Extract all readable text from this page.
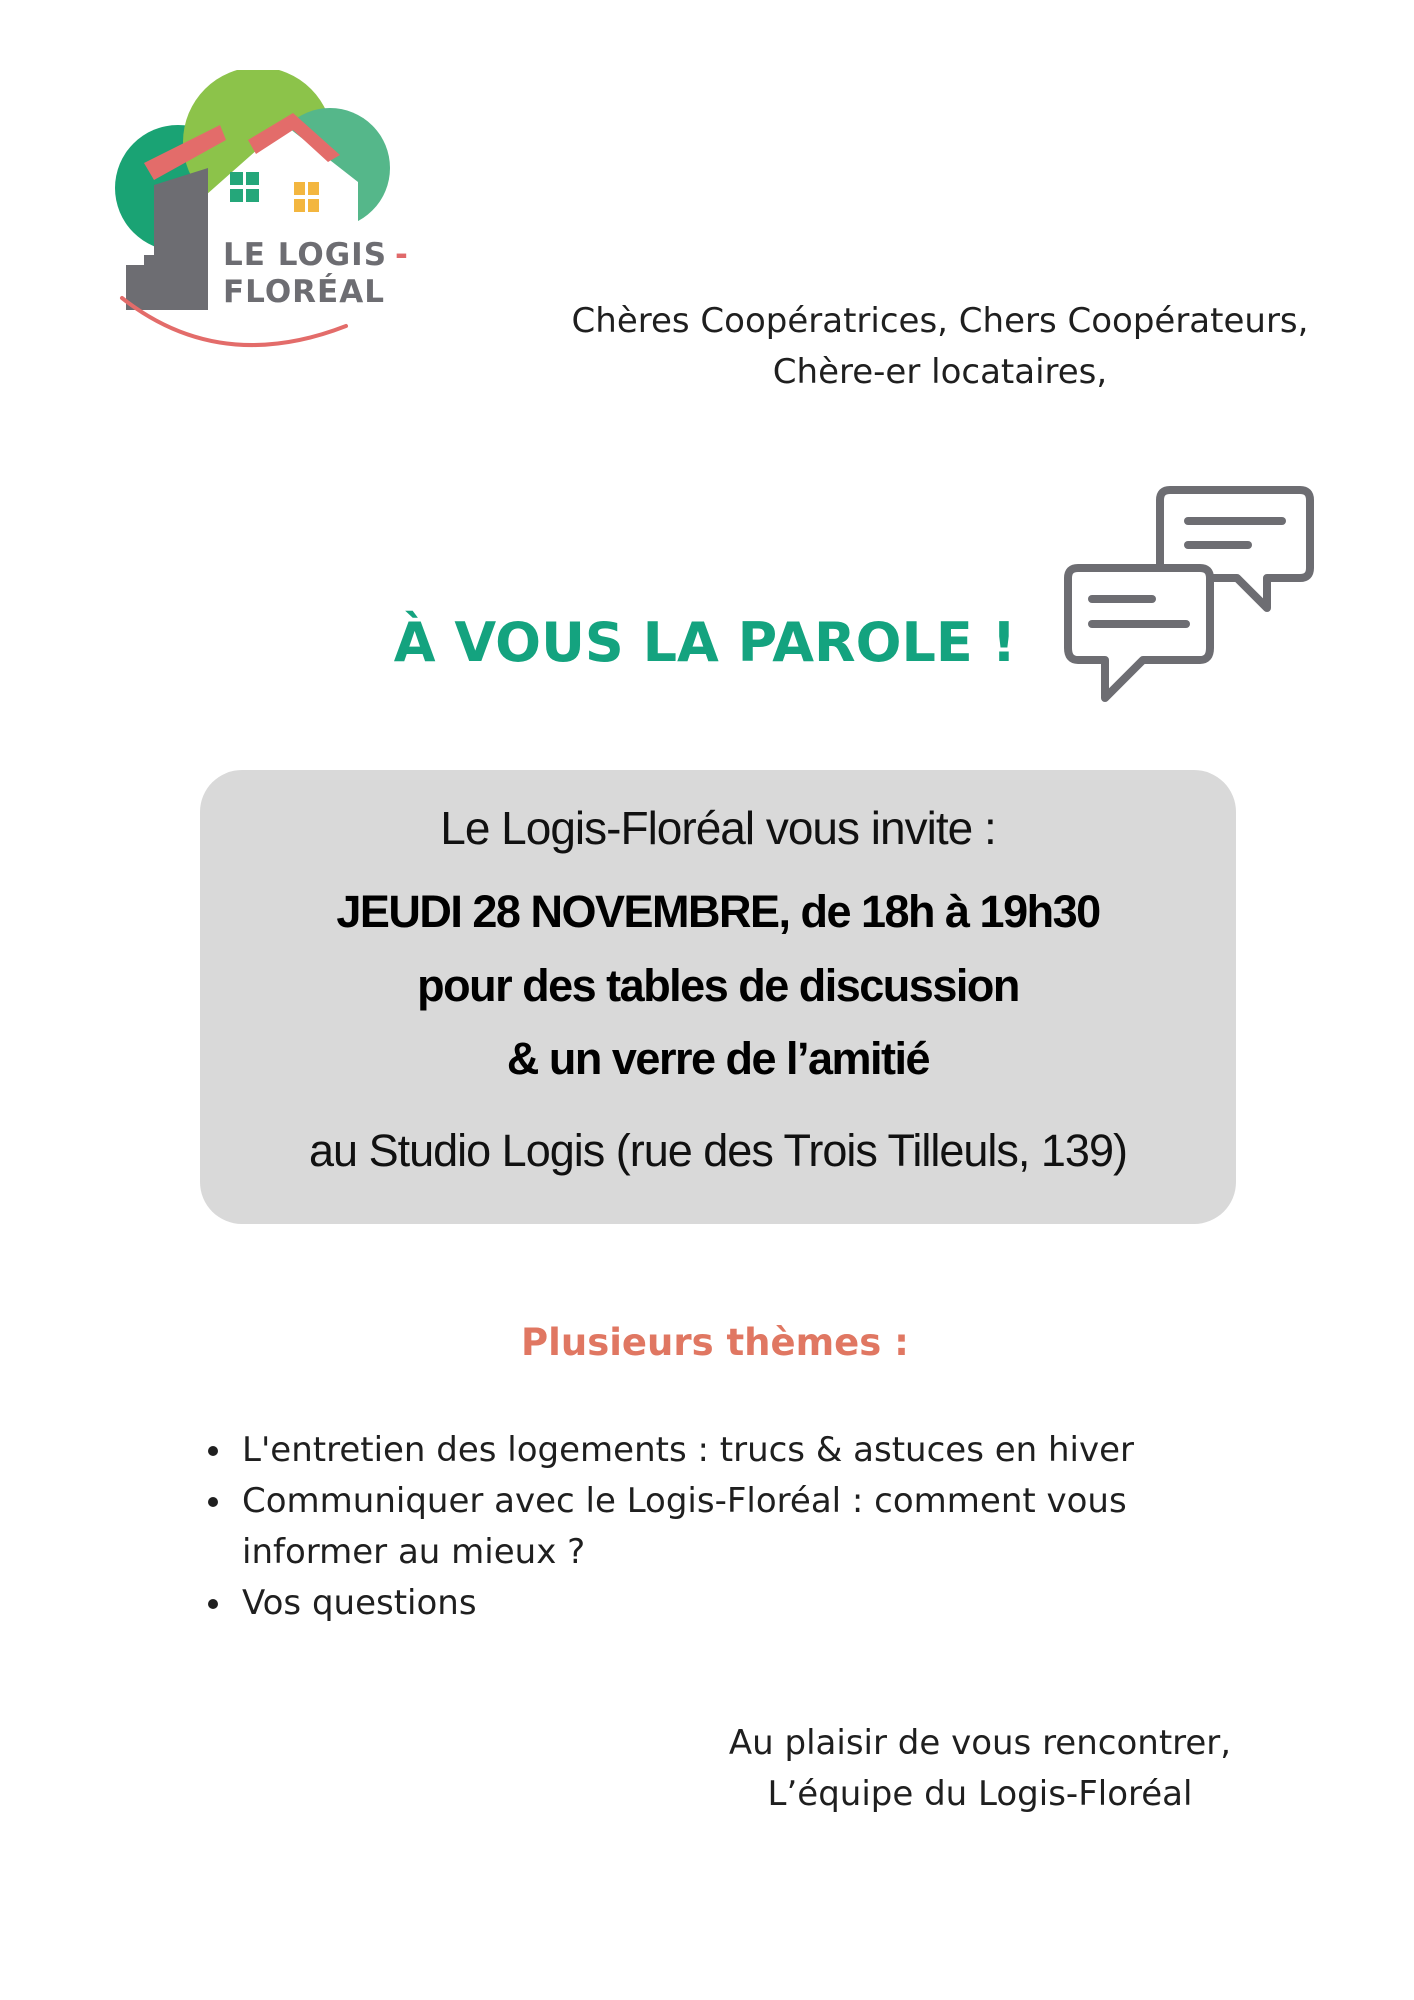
LE LOGIS -
FLORÉAL
Chères Coopératrices, Chers Coopérateurs,
Chère-er locataires,
À VOUS LA PAROLE !
Le Logis-Floréal vous invite :
JEUDI 28 NOVEMBRE, de 18h à 19h30
pour des tables de discussion
& un verre de l’amitié
au Studio Logis (rue des Trois Tilleuls, 139)
Plusieurs thèmes :
L'entretien des logements : trucs & astuces en hiver
Communiquer avec le Logis-Floréal : comment vous
informer au mieux ?
Vos questions
Au plaisir de vous rencontrer,
L’équipe du Logis-Floréal
